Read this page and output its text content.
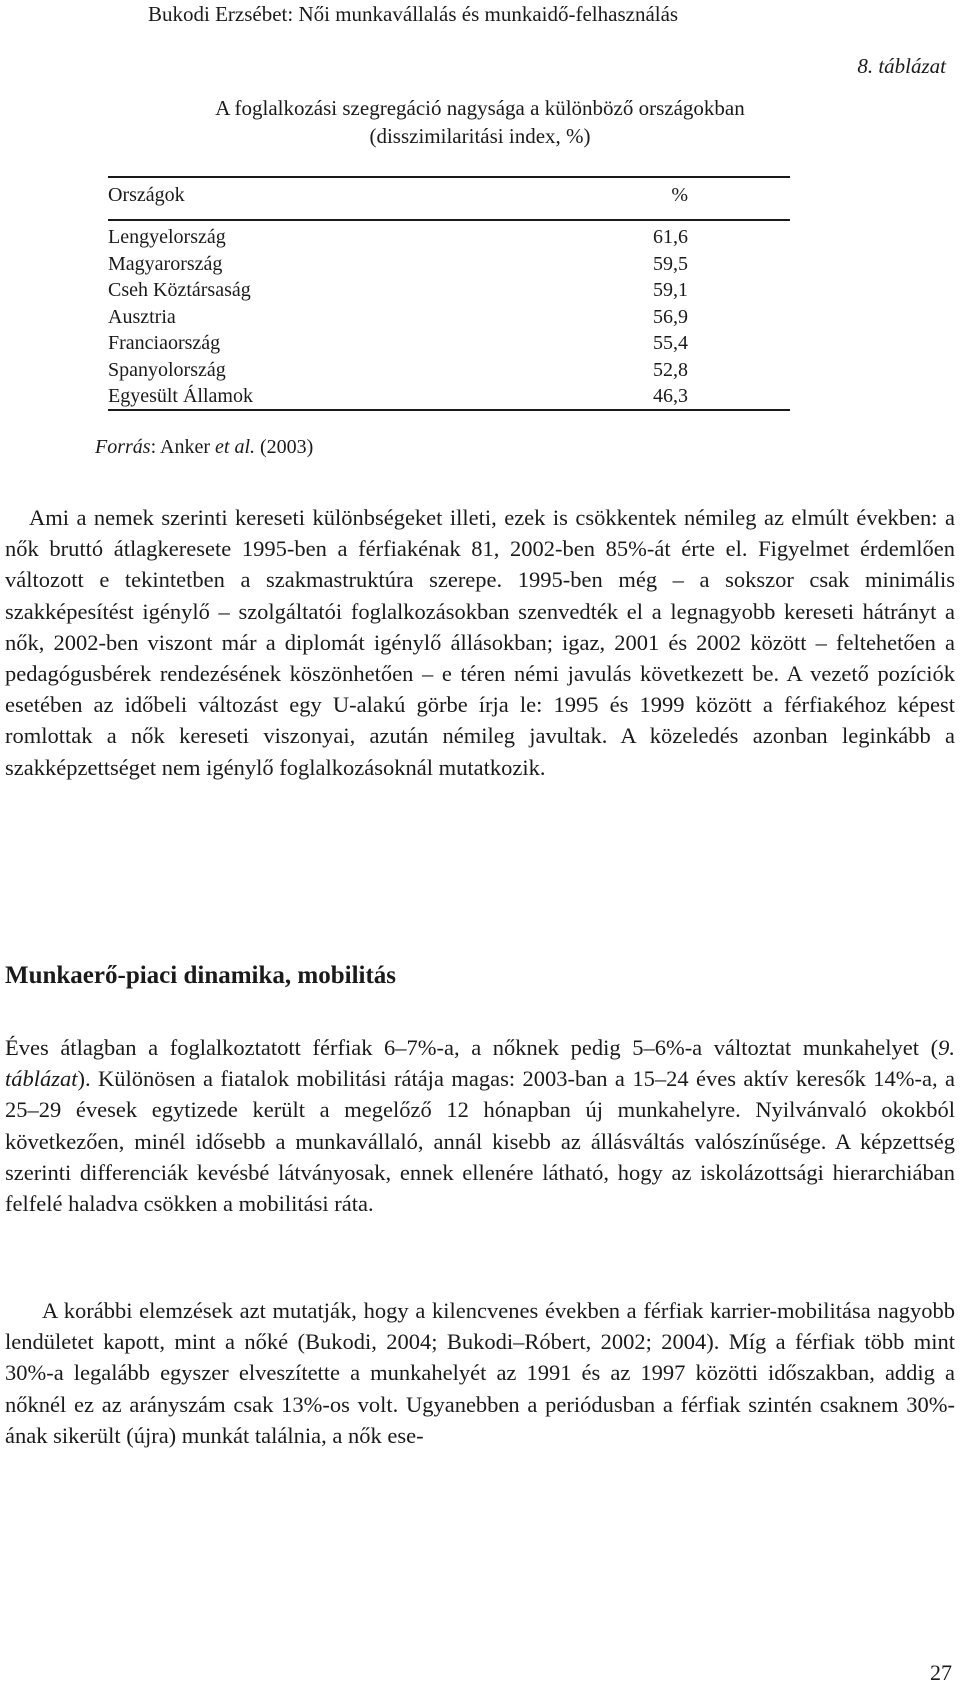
Bukodi Erzsébet: Női munkavállalás és munkaidő-felhasználás
8. táblázat
A foglalkozási szegregáció nagysága a különböző országokban
(disszimilaritási index, %)
Országok	%
Lengyelország	61,6
Magyarország	59,5
Cseh Köztársaság	59,1
Ausztria	56,9
Franciaország	55,4
Spanyolország	52,8
Egyesült Államok	46,3
Forrás: Anker et al. (2003)

Ami a nemek szerinti kereseti különbségeket illeti, ezek is csökkentek némileg az elmúlt években: a nők bruttó átlagkeresete 1995-ben a férfiakénak 81, 2002-ben 85%-át érte el. Figyelmet érdemlően változott e tekintetben a szakmastruktúra szerepe. 1995-ben még – a sokszor csak minimális szakképesítést igénylő – szolgáltatói foglalkozásokban szenvedték el a legnagyobb kereseti hátrányt a nők, 2002-ben viszont már a diplomát igénylő állásokban; igaz, 2001 és 2002 között – feltehetően a pedagógusbérek rendezésének köszönhetően – e téren némi javulás következett be. A vezető pozíciók esetében az időbeli változást egy U-alakú görbe írja le: 1995 és 1999 között a férfiakéhoz képest romlottak a nők kereseti viszonyai, azután némileg javultak. A közeledés azonban leginkább a szakképzettséget nem igénylő foglalkozásoknál mutatkozik.

Munkaerő-piaci dinamika, mobilitás

Éves átlagban a foglalkoztatott férfiak 6–7%-a, a nőknek pedig 5–6%-a változtat munkahelyet (9. táblázat). Különösen a fiatalok mobilitási rátája magas: 2003-ban a 15–24 éves aktív keresők 14%-a, a 25–29 évesek egytizede került a megelőző 12 hónapban új munkahelyre. Nyilvánvaló okokból következően, minél idősebb a munkavállaló, annál kisebb az állásváltás valószínűsége. A képzettség szerinti differenciák kevésbé látványosak, ennek ellenére látható, hogy az iskolázottsági hierarchiában felfelé haladva csökken a mobilitási ráta.

A korábbi elemzések azt mutatják, hogy a kilencvenes években a férfiak karrier-mobilitása nagyobb lendületet kapott, mint a nőké (Bukodi, 2004; Bukodi–Róbert, 2002; 2004). Míg a férfiak több mint 30%-a legalább egyszer elveszítette a munkahelyét az 1991 és az 1997 közötti időszakban, addig a nőknél ez az arányszám csak 13%-os volt. Ugyanebben a periódusban a férfiak szintén csaknem 30%-ának sikerült (újra) munkát találnia, a nők ese-

27
